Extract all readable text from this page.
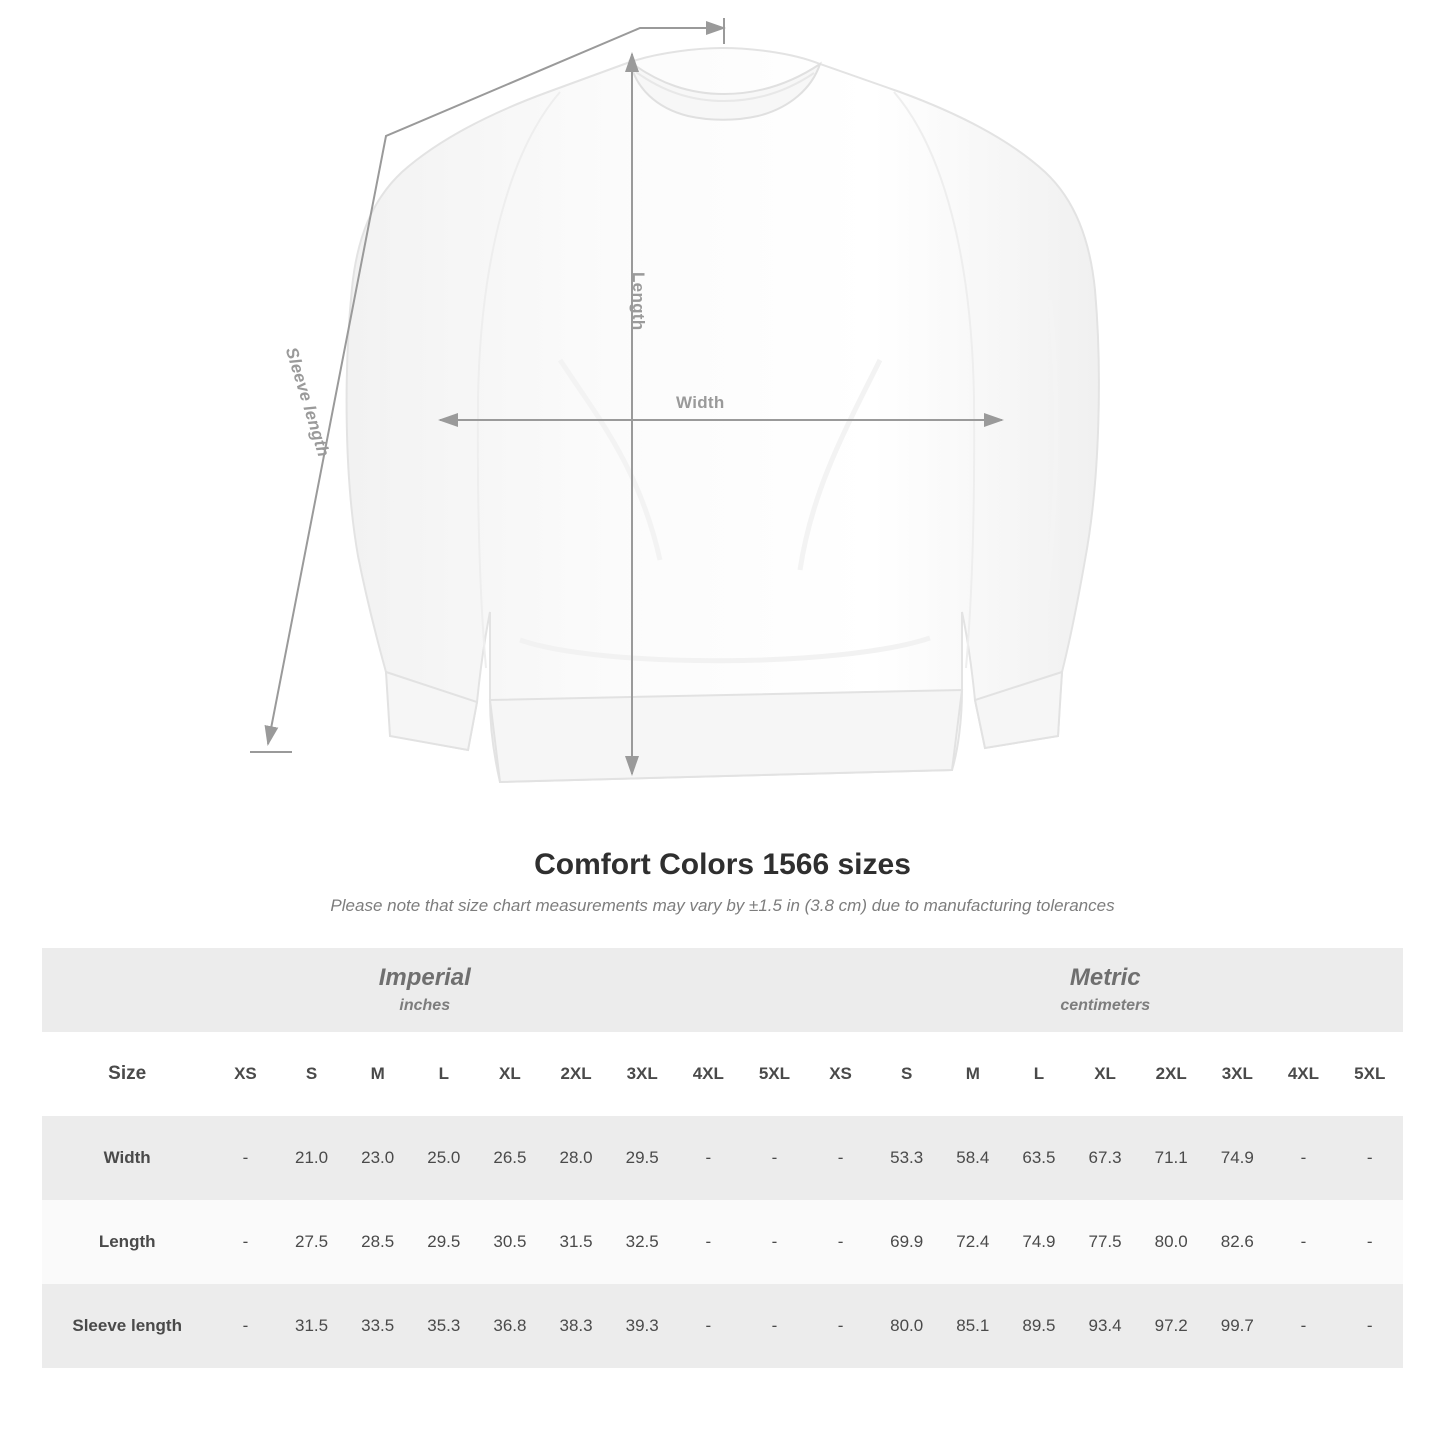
Width
Length
Sleeve length
Comfort Colors 1566 sizes

Please note that size chart measurements may vary by ±1.5 in (3.8 cm) due to manufacturing tolerances

Imperial
inches										Metric
centimeters								

Size	XS	S	M	L	XL	2XL	3XL	4XL	5XL	XS	S	M	L	XL	2XL	3XL	4XL	5XL
Width	-	21.0	23.0	25.0	26.5	28.0	29.5	-	-	-	53.3	58.4	63.5	67.3	71.1	74.9	-	-
Length	-	27.5	28.5	29.5	30.5	31.5	32.5	-	-	-	69.9	72.4	74.9	77.5	80.0	82.6	-	-
Sleeve length	-	31.5	33.5	35.3	36.8	38.3	39.3	-	-	-	80.0	85.1	89.5	93.4	97.2	99.7	-	-
